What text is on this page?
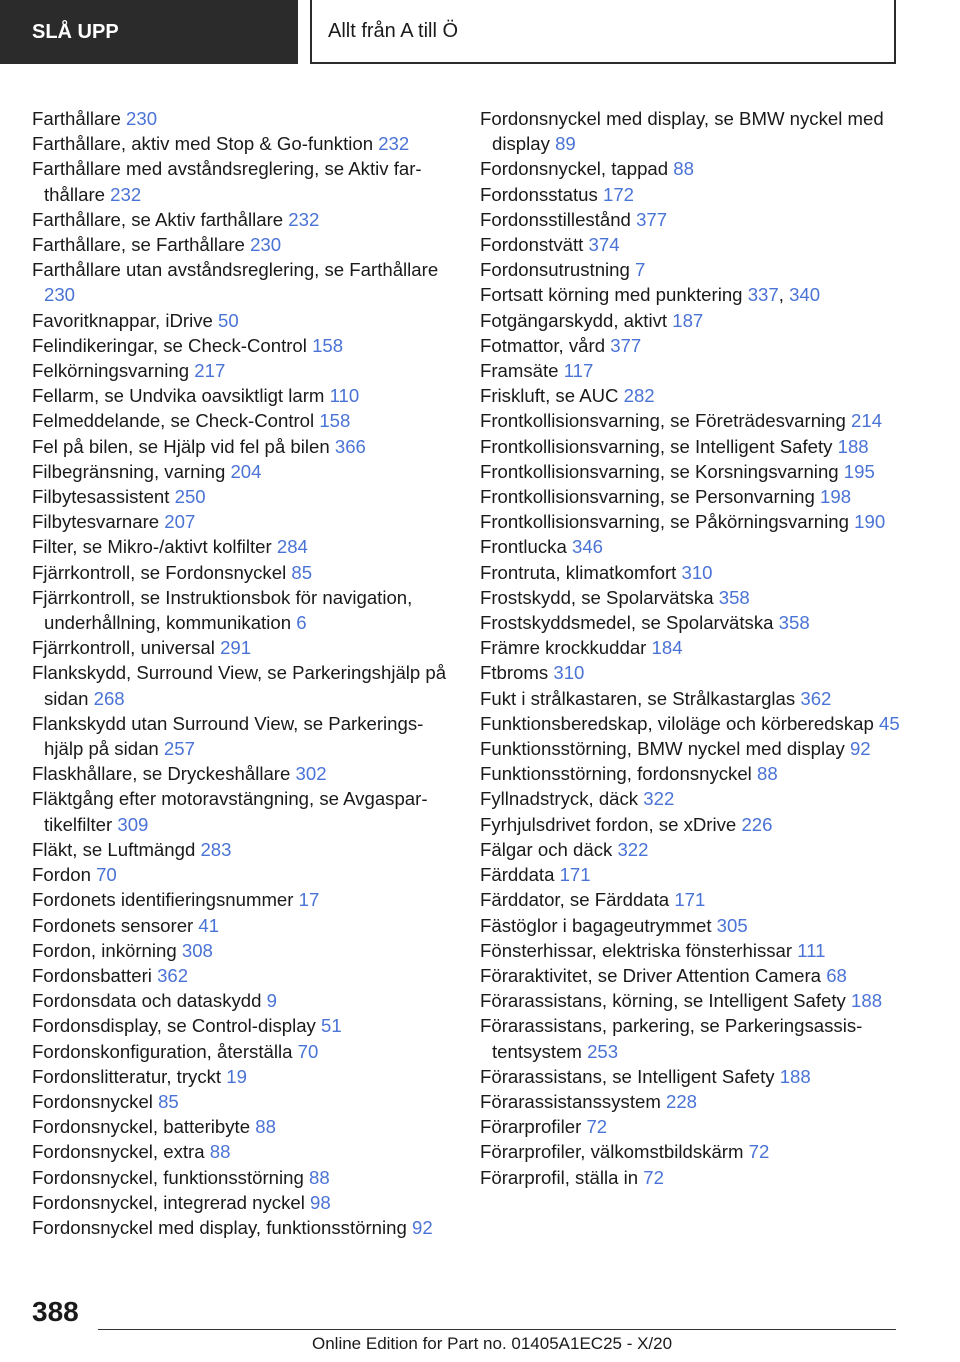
SLÅ UPP	Allt från A till Ö
Farthållare 230
Farthållare, aktiv med Stop & Go-funktion 232
Farthållare med avståndsreglering, se Aktiv farthållare 232
Farthållare, se Aktiv farthållare 232
Farthållare, se Farthållare 230
Farthållare utan avståndsreglering, se Farthållare 230
Favoritknappar, iDrive 50
Felindikeringar, se Check-Control 158
Felkörningsvarning 217
Fellarm, se Undvika oavsiktligt larm 110
Felmeddelande, se Check-Control 158
Fel på bilen, se Hjälp vid fel på bilen 366
Filbegränsning, varning 204
Filbytesassistent 250
Filbytesvarnare 207
Filter, se Mikro-/aktivt kolfilter 284
Fjärrkontroll, se Fordonsnyckel 85
Fjärrkontroll, se Instruktionsbok för navigation, underhållning, kommunikation 6
Fjärrkontroll, universal 291
Flankskydd, Surround View, se Parkeringshjälp på sidan 268
Flankskydd utan Surround View, se Parkeringshjälp på sidan 257
Flaskhållare, se Dryckeshållare 302
Fläktgång efter motoravstängning, se Avgaspartikelfilter 309
Fläkt, se Luftmängd 283
Fordon 70
Fordonets identifieringsnummer 17
Fordonets sensorer 41
Fordon, inkörning 308
Fordonsbatteri 362
Fordonsdata och dataskydd 9
Fordonsdisplay, se Control-display 51
Fordonskonfiguration, återställa 70
Fordonslitteratur, tryckt 19
Fordonsnyckel 85
Fordonsnyckel, batteribyte 88
Fordonsnyckel, extra 88
Fordonsnyckel, funktionsstörning 88
Fordonsnyckel, integrerad nyckel 98
Fordonsnyckel med display, funktionsstörning 92
Fordonsnyckel med display, se BMW nyckel med display 89
Fordonsnyckel, tappad 88
Fordonsstatus 172
Fordonsstillestånd 377
Fordonstvätt 374
Fordonsutrustning 7
Fortsatt körning med punktering 337, 340
Fotgängarskydd, aktivt 187
Fotmattor, vård 377
Framsäte 117
Friskluft, se AUC 282
Frontkollisionsvarning, se Företrädesvarning 214
Frontkollisionsvarning, se Intelligent Safety 188
Frontkollisionsvarning, se Korsningsvarning 195
Frontkollisionsvarning, se Personvarning 198
Frontkollisionsvarning, se Påkörningsvarning 190
Frontlucka 346
Frontruta, klimatkomfort 310
Frostskydd, se Spolarvätska 358
Frostskyddsmedel, se Spolarvätska 358
Främre krockkuddar 184
Ftbroms 310
Fukt i strålkastaren, se Strålkastarglas 362
Funktionsberedskap, viloläge och körberedskap 45
Funktionsstörning, BMW nyckel med display 92
Funktionsstörning, fordonsnyckel 88
Fyllnadstryck, däck 322
Fyrhjulsdrivet fordon, se xDrive 226
Fälgar och däck 322
Färddata 171
Färddator, se Färddata 171
Fästöglor i bagageutrymmet 305
Fönsterhissar, elektriska fönsterhissar 111
Föraraktivitet, se Driver Attention Camera 68
Förarassistans, körning, se Intelligent Safety 188
Förarassistans, parkering, se Parkeringsassistentsystem 253
Förarassistans, se Intelligent Safety 188
Förarassistanssystem 228
Förarprofiler 72
Förarprofiler, välkomstbildskärm 72
Förarprofil, ställa in 72
388
Online Edition for Part no. 01405A1EC25 - X/20
